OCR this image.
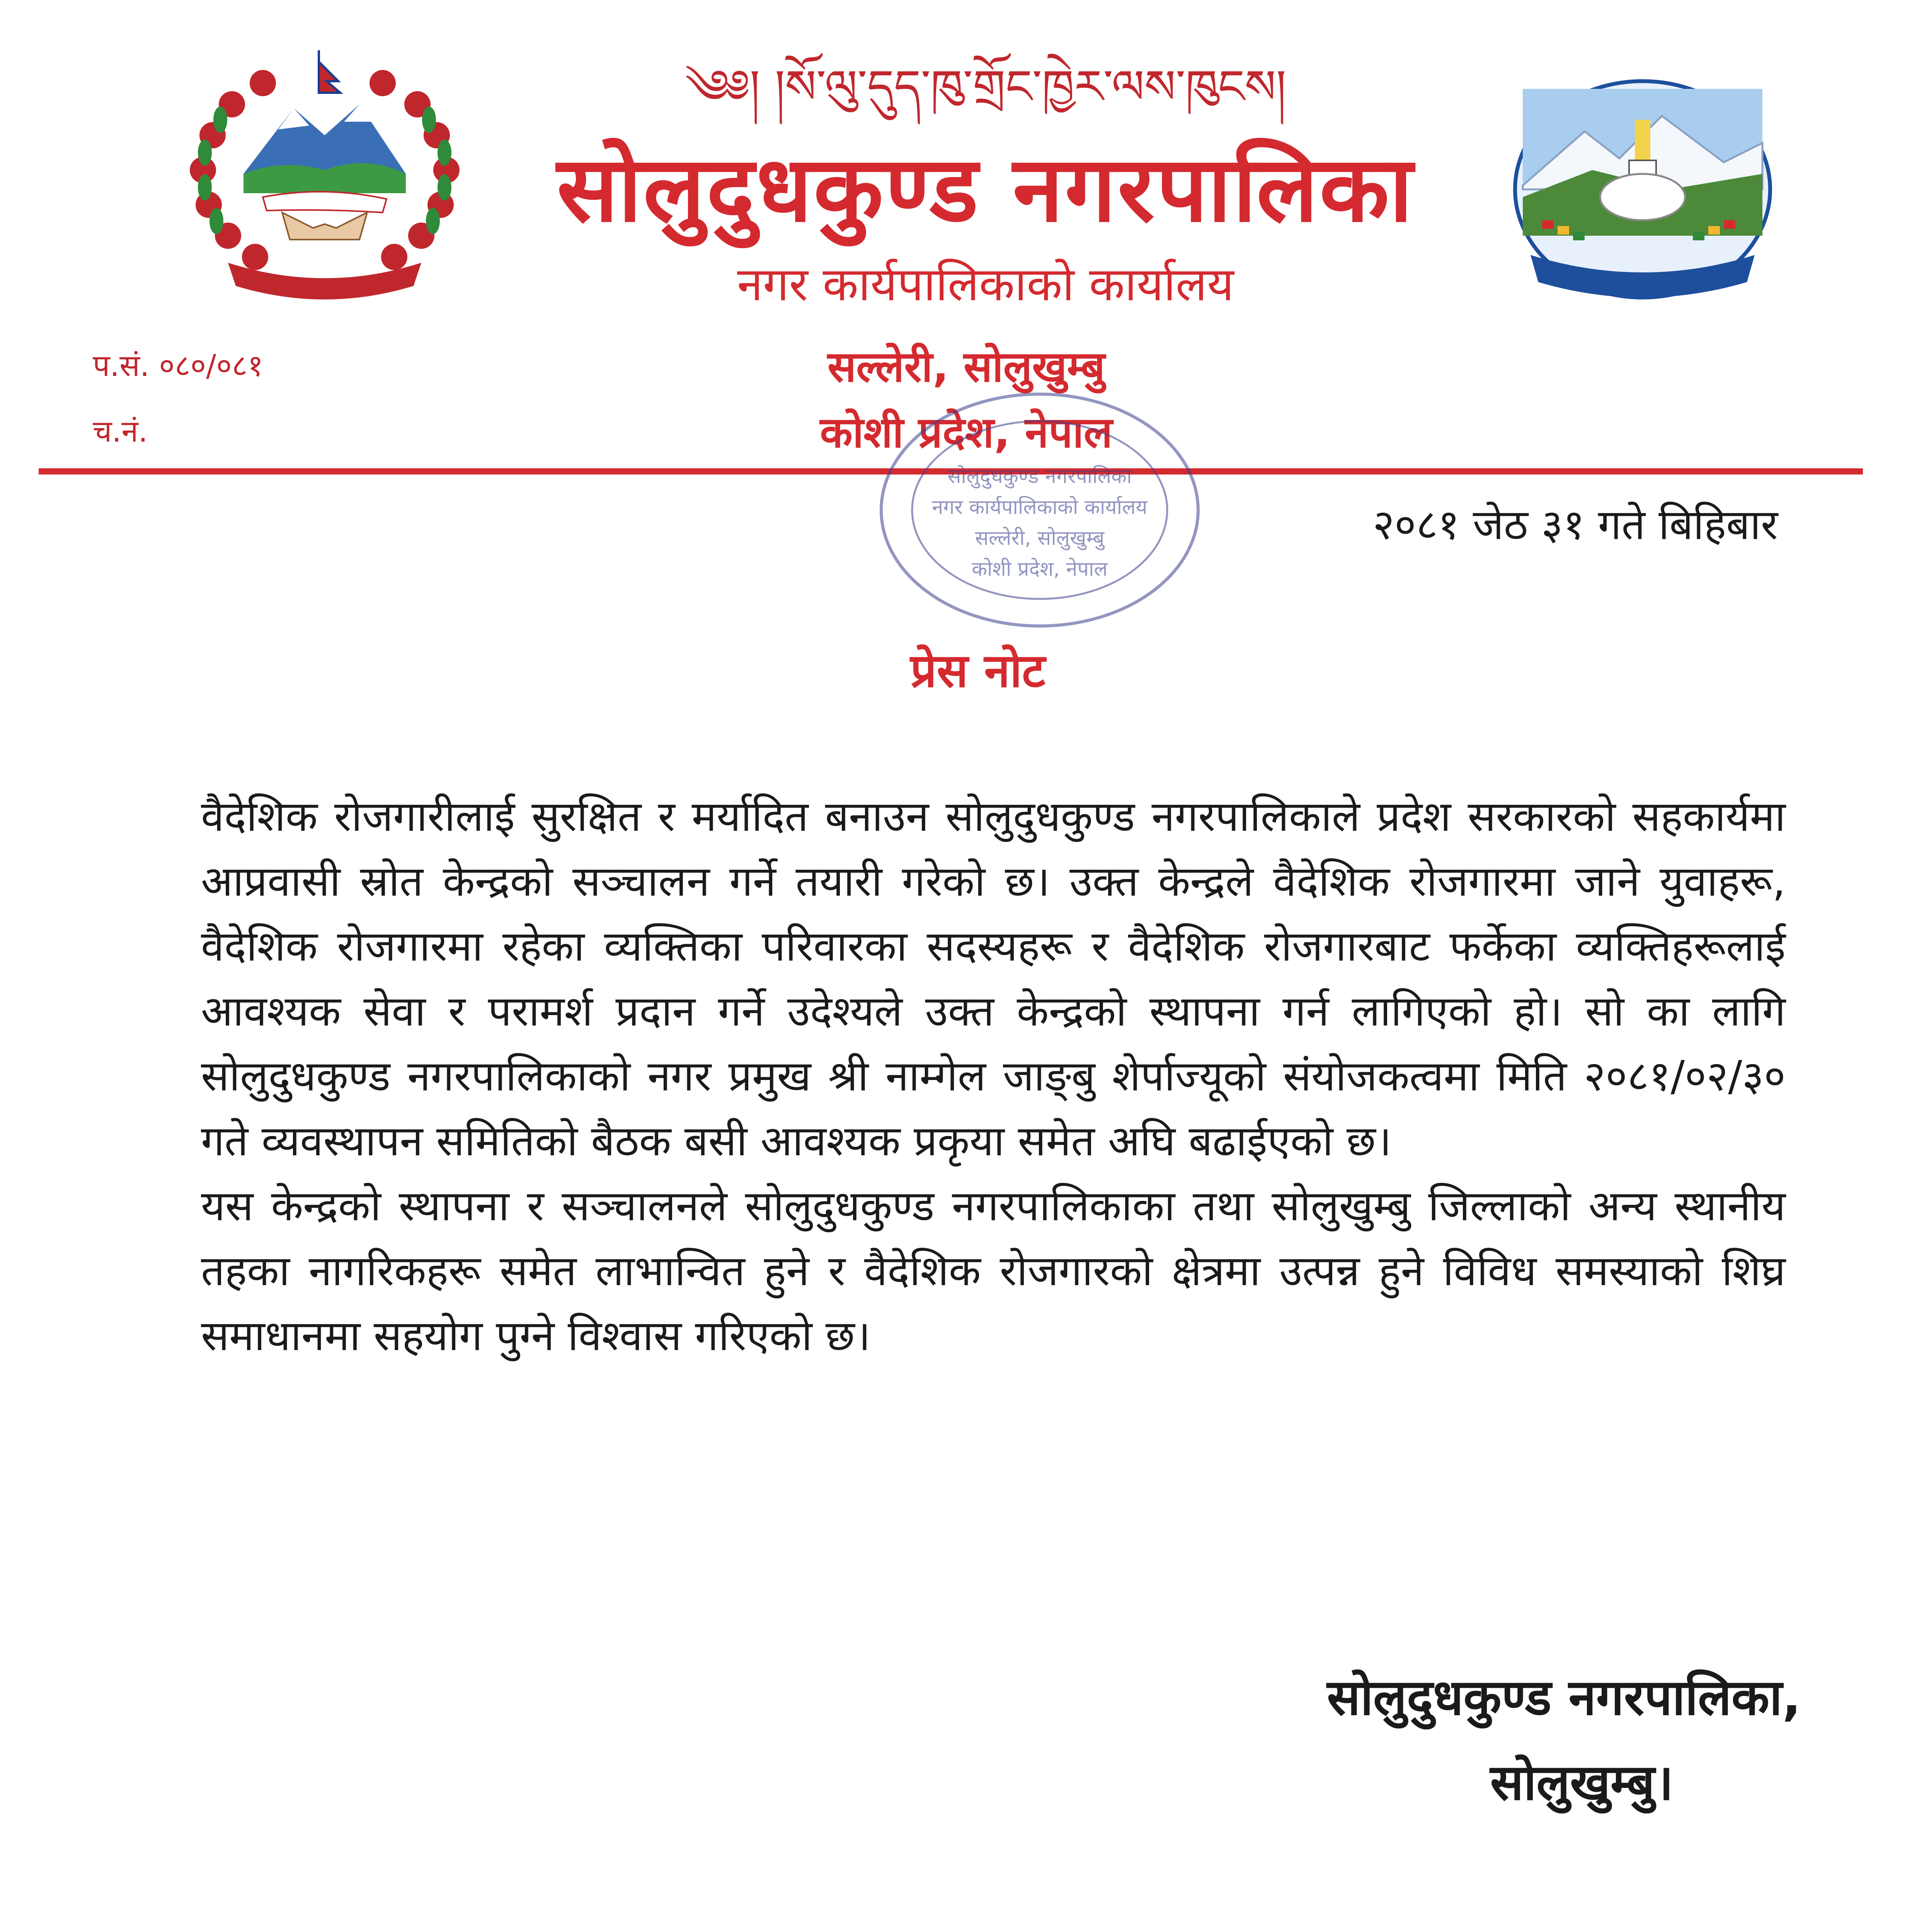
༄༅། །སོ་ལུ་དུད་ཁུ་གྲོང་ཁྱེར་ལས་ཁུངས།
सोलुदुधकुण्ड नगरपालिका
नगर कार्यपालिकाको कार्यालय
सल्लेरी, सोलुखुम्बु
कोशी प्रदेश, नेपाल
प.सं. ०८०/०८१
च.नं.
सोलुदुधकुण्ड नगरपालिका
नगर कार्यपालिकाको कार्यालय
सल्लेरी, सोलुखुम्बु
कोशी प्रदेश, नेपाल
२०८१ जेठ ३१ गते बिहिबार
प्रेस नोट

वैदेशिक रोजगारीलाई सुरक्षित र मर्यादित बनाउन सोलुदुधकुण्ड नगरपालिकाले प्रदेश सरकारको सहकार्यमा आप्रवासी स्रोत केन्द्रको सञ्चालन गर्ने तयारी गरेको छ। उक्त केन्द्रले वैदेशिक रोजगारमा जाने युवाहरू, वैदेशिक रोजगारमा रहेका व्यक्तिका परिवारका सदस्यहरू र वैदेशिक रोजगारबाट फर्केका व्यक्तिहरूलाई आवश्यक सेवा र परामर्श प्रदान गर्ने उदेश्यले उक्त केन्द्रको स्थापना गर्न लागिएको हो। सो का लागि सोलुदुधकुण्ड नगरपालिकाको नगर प्रमुख श्री नाम्गेल जाङ्बु शेर्पाज्यूको संयोजकत्वमा मिति २०८१/०२/३० गते व्यवस्थापन समितिको बैठक बसी आवश्यक प्रकृया समेत अघि बढाईएको छ।

यस केन्द्रको स्थापना र सञ्चालनले सोलुदुधकुण्ड नगरपालिकाका तथा सोलुखुम्बु जिल्लाको अन्य स्थानीय तहका नागरिकहरू समेत लाभान्वित हुने र वैदेशिक रोजगारको क्षेत्रमा उत्पन्न हुने विविध समस्याको शिघ्र समाधानमा सहयोग पुग्ने विश्वास गरिएको छ।

सोलुदुधकुण्ड नगरपालिका,
सोलुखुम्बु।
